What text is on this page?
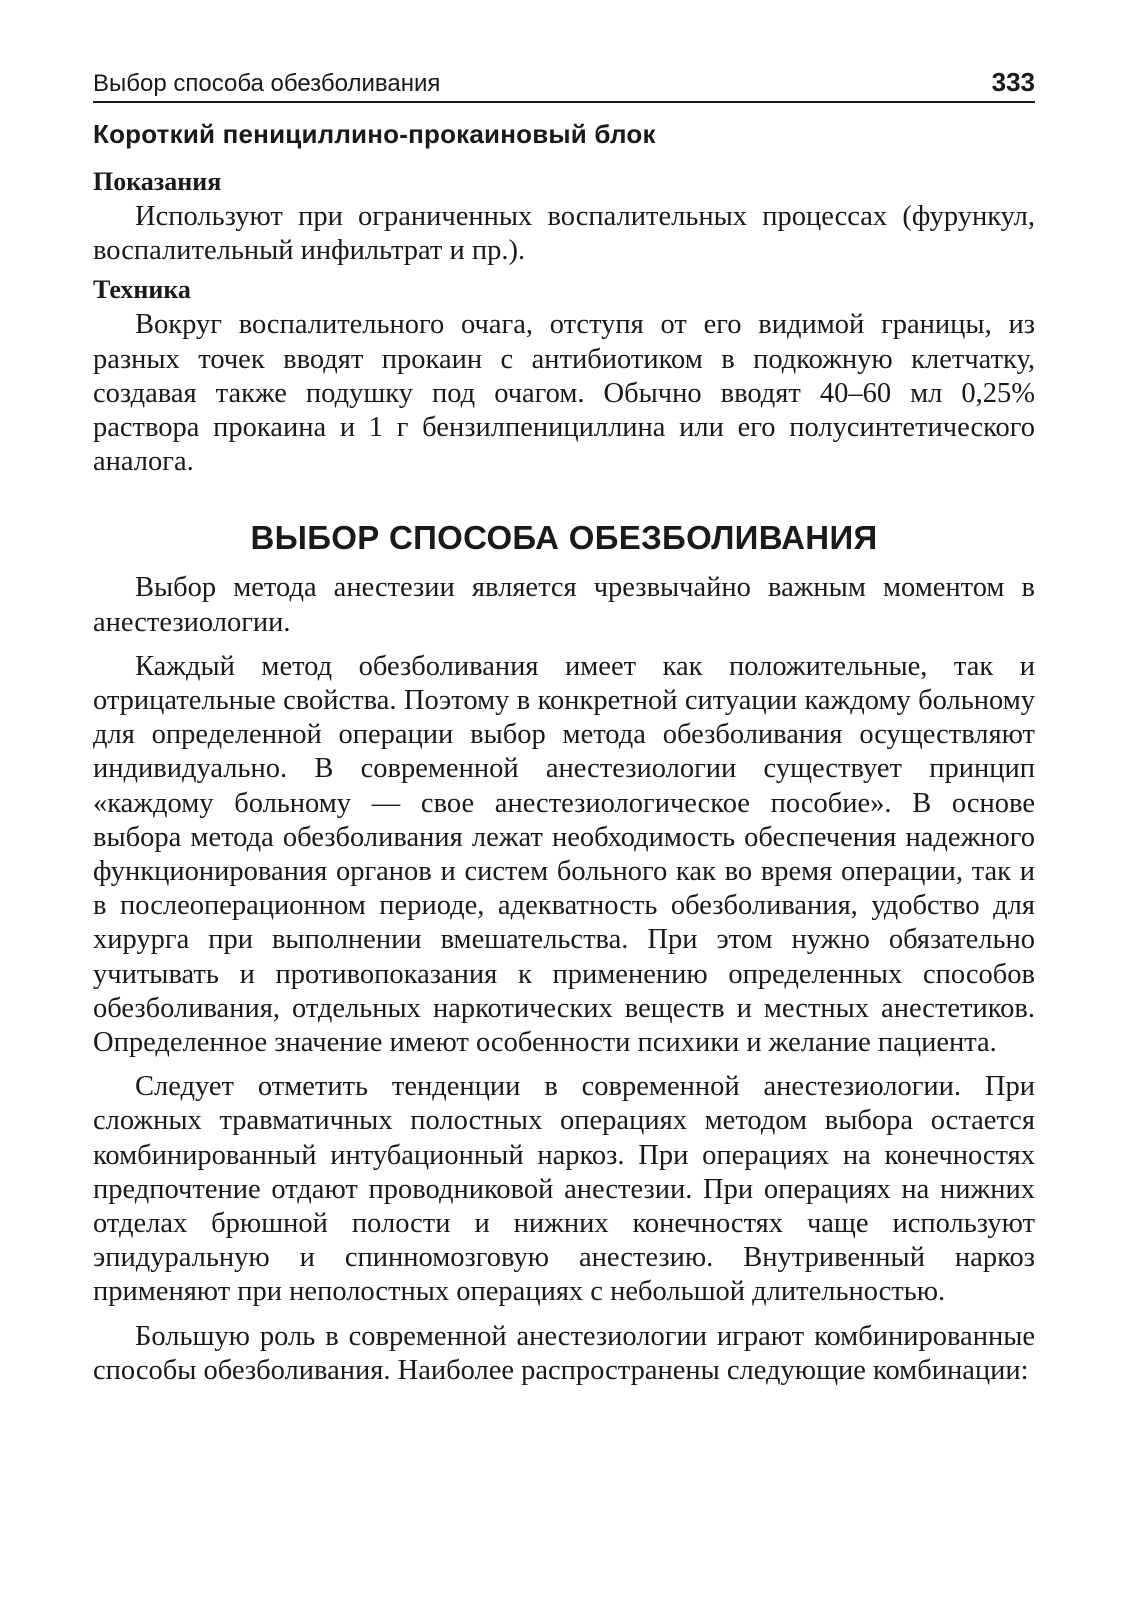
Выбор способа обезболивания	333
Короткий пенициллино-прокаиновый блок

Показания

Используют при ограниченных воспалительных процессах (фурункул, воспалительный инфильтрат и пр.).

Техника

Вокруг воспалительного очага, отступя от его видимой границы, из разных точек вводят прокаин с антибиотиком в подкожную клетчатку, создавая также подушку под очагом. Обычно вводят 40–60 мл 0,25% раствора прокаина и 1 г бензилпенициллина или его полусинтетического аналога.

ВЫБОР СПОСОБА ОБЕЗБОЛИВАНИЯ

Выбор метода анестезии является чрезвычайно важным моментом в анестезиологии.

Каждый метод обезболивания имеет как положительные, так и отрицательные свойства. Поэтому в конкретной ситуации каждому больному для определенной операции выбор метода обезболивания осуществляют индивидуально. В современной анестезиологии существует принцип «каждому больному — свое анестезиологическое пособие». В основе выбора метода обезболивания лежат необходимость обеспечения надежного функционирования органов и систем больного как во время операции, так и в послеоперационном периоде, адекватность обезболивания, удобство для хирурга при выполнении вмешательства. При этом нужно обязательно учитывать и противопоказания к применению определенных способов обезболивания, отдельных наркотических веществ и местных анестетиков. Определенное значение имеют особенности психики и желание пациента.

Следует отметить тенденции в современной анестезиологии. При сложных травматичных полостных операциях методом выбора остается комбинированный интубационный наркоз. При операциях на конечностях предпочтение отдают проводниковой анестезии. При операциях на нижних отделах брюшной полости и нижних конечностях чаще используют эпидуральную и спинномозговую анестезию. Внутривенный наркоз применяют при неполостных операциях с небольшой длительностью.

Большую роль в современной анестезиологии играют комбинированные способы обезболивания. Наиболее распространены следующие комбинации:
